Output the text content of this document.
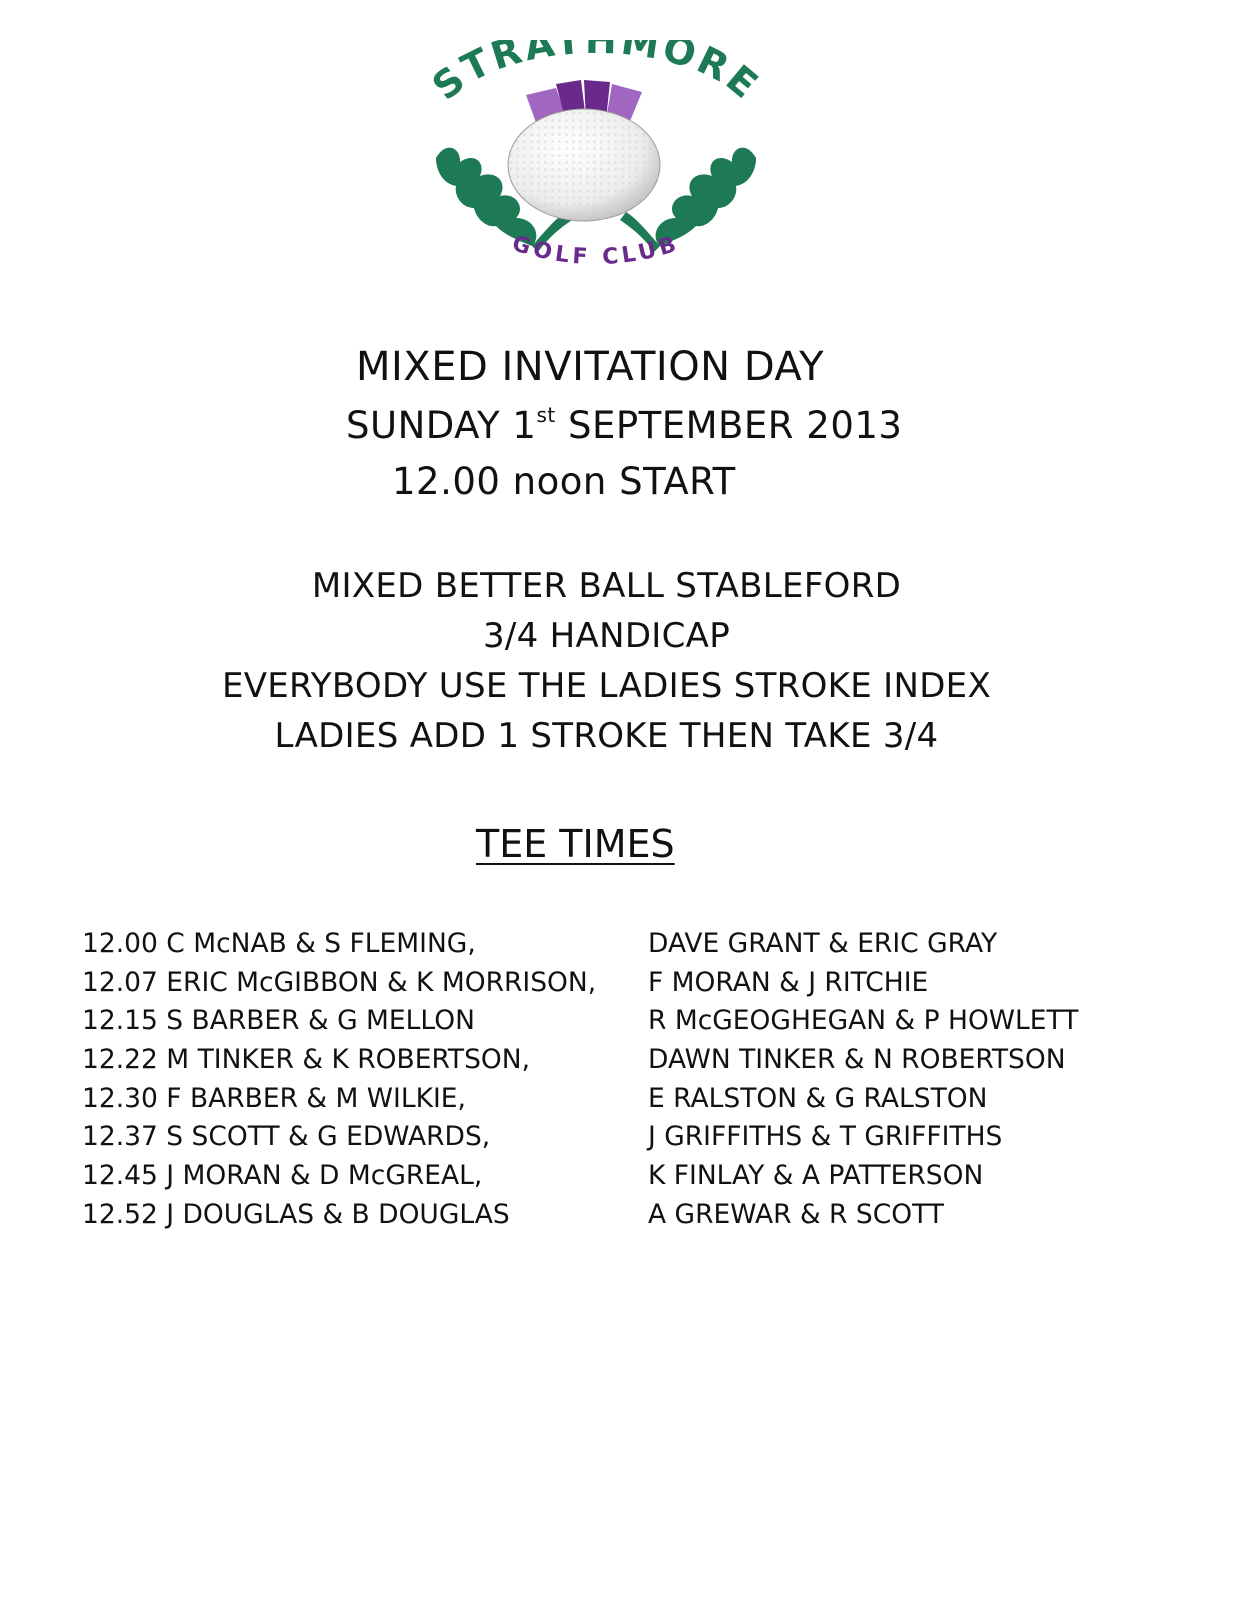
STRATHMORE
GOLF CLUB
MIXED INVITATION DAY
SUNDAY 1st SEPTEMBER 2013
12.00 noon START
MIXED BETTER BALL STABLEFORD
3/4 HANDICAP
EVERYBODY USE THE LADIES STROKE INDEX
LADIES ADD 1 STROKE THEN TAKE 3/4
TEE TIMES
12.00 C McNAB & S FLEMING,	DAVE GRANT & ERIC GRAY
12.07 ERIC McGIBBON & K MORRISON, F MORAN & J RITCHIE
12.15 S BARBER & G MELLON	R McGEOGHEGAN & P HOWLETT
12.22 M TINKER & K ROBERTSON,	DAWN TINKER & N ROBERTSON
12.30 F BARBER & M WILKIE,	E RALSTON & G RALSTON
12.37 S SCOTT & G EDWARDS,	J GRIFFITHS & T GRIFFITHS
12.45 J MORAN & D McGREAL,	K FINLAY & A PATTERSON
12.52 J DOUGLAS & B DOUGLAS	A GREWAR & R SCOTT
